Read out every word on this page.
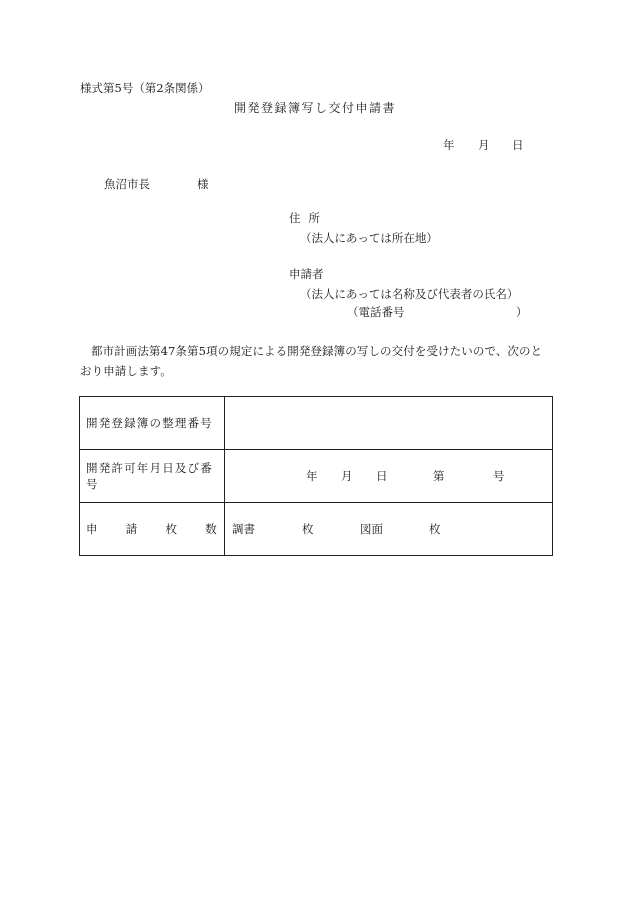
様式第5号（第2条関係）
開発登録簿写し交付申請書
年 月 日
魚沼市長	様
住所
（法人にあっては所在地）
申請者
（法人にあっては名称及び代表者の氏名）
（電話番号	）
都市計画法第47条第5項の規定による開発登録簿の写しの交付を受けたいので、次のとおり申請します。
開発登録簿の整理番号	
開発許可年月日及び番号	年 月 日 第 号

申 請 枚 数	調書 枚 図面 枚
